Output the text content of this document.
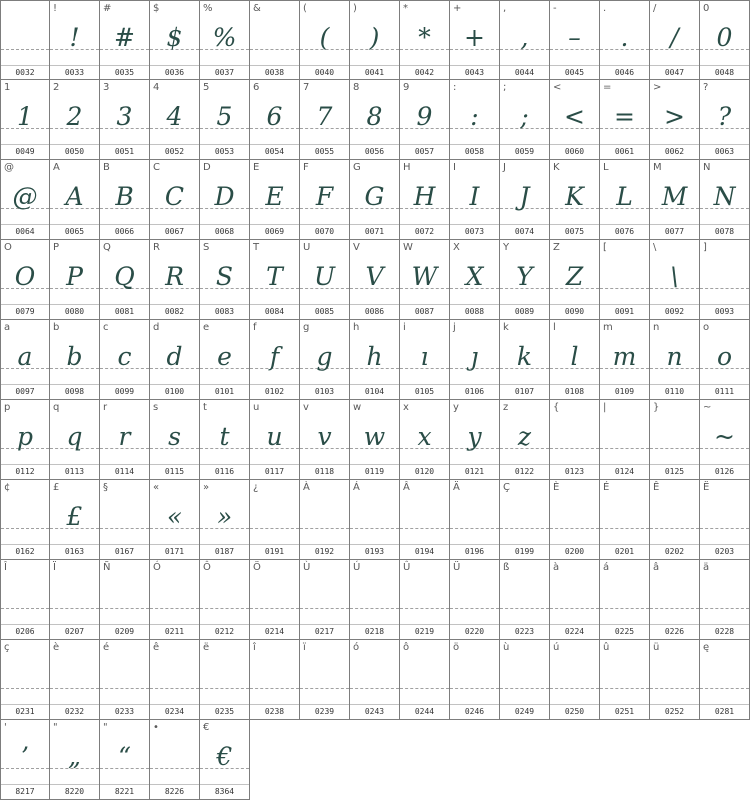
0032
!
!
0033
#
#
0035
$
$
0036
%
%
0037
&
0038
(
(
0040
)
)
0041
*
*
0042
+
+
0043
,
,
0044
-
–
0045
.
.
0046
/
/
0047
0
0
0048
1
1
0049
2
2
0050
3
3
0051
4
4
0052
5
5
0053
6
6
0054
7
7
0055
8
8
0056
9
9
0057
:
:
0058
;
;
0059
<
<
0060
=
=
0061
>
>
0062
?
?
0063
@
@
0064
A
A
0065
B
B
0066
C
C
0067
D
D
0068
E
E
0069
F
F
0070
G
G
0071
H
H
0072
I
I
0073
J
J
0074
K
K
0075
L
L
0076
M
M
0077
N
N
0078
O
O
0079
P
P
0080
Q
Q
0081
R
R
0082
S
S
0083
T
T
0084
U
U
0085
V
V
0086
W
W
0087
X
X
0088
Y
Y
0089
Z
Z
0090
[
0091
\
\
0092
]
0093
a
a
0097
b
b
0098
c
c
0099
d
d
0100
e
e
0101
f
f
0102
g
g
0103
h
h
0104
i
ı
0105
j
ȷ
0106
k
k
0107
l
l
0108
m
m
0109
n
n
0110
o
o
0111
p
p
0112
q
q
0113
r
r
0114
s
s
0115
t
t
0116
u
u
0117
v
v
0118
w
w
0119
x
x
0120
y
y
0121
z
z
0122
{
0123
|
0124
}
0125
~
~
0126
¢
0162
£
£
0163
§
0167
«
«
0171
»
»
0187
¿
0191
À
0192
Á
0193
Â
0194
Ä
0196
Ç
0199
È
0200
É
0201
Ê
0202
Ë
0203
Î
0206
Ï
0207
Ñ
0209
Ó
0211
Ô
0212
Ö
0214
Ù
0217
Ú
0218
Û
0219
Ü
0220
ß
0223
à
0224
á
0225
â
0226
ä
0228
ç
0231
è
0232
é
0233
ê
0234
ë
0235
î
0238
ï
0239
ó
0243
ô
0244
ö
0246
ù
0249
ú
0250
û
0251
ü
0252
ę
0281
'
’
8217
"
„
8220
"
“
8221
•
8226
€
€
8364
